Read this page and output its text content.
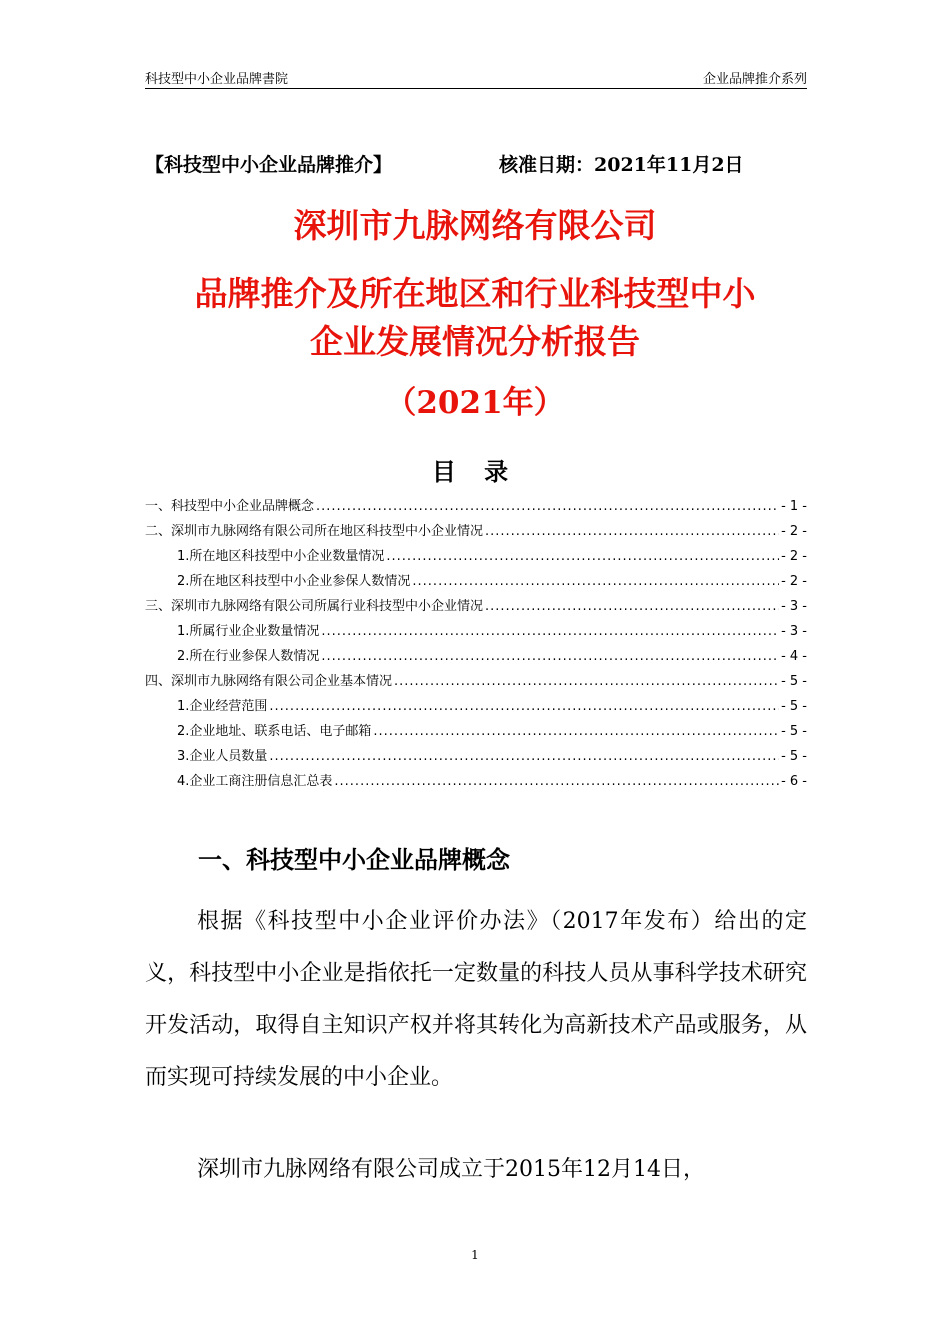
科技型中小企业品牌書院	企业品牌推介系列
【科技型中小企业品牌推介】	核准日期：2021年11月2日
深圳市九脉网络有限公司
品牌推介及所在地区和行业科技型中小
企业发展情况分析报告
（2021年）
目 录
一、科技型中小企业品牌概念 .....	- 1 -
二、深圳市九脉网络有限公司所在地区科技型中小企业情况 .....	- 2 -
1.所在地区科技型中小企业数量情况 .....	- 2 -
2.所在地区科技型中小企业参保人数情况 .....	- 2 -
三、深圳市九脉网络有限公司所属行业科技型中小企业情况 .....	- 3 -
1.所属行业企业数量情况 .....	- 3 -
2.所在行业参保人数情况 .....	- 4 -
四、深圳市九脉网络有限公司企业基本情况 .....	- 5 -
1.企业经营范围 .....	- 5 -
2.企业地址、联系电话、电子邮箱 .....	- 5 -
3.企业人员数量 .....	- 5 -
4.企业工商注册信息汇总表 .....	- 6 -
一、科技型中小企业品牌概念

根据《科技型中小企业评价办法》（2017年发布）给出的定义，科技型中小企业是指依托一定数量的科技人员从事科学技术研究开发活动，取得自主知识产权并将其转化为高新技术产品或服务，从而实现可持续发展的中小企业。

深圳市九脉网络有限公司成立于2015年12月14日，

1
